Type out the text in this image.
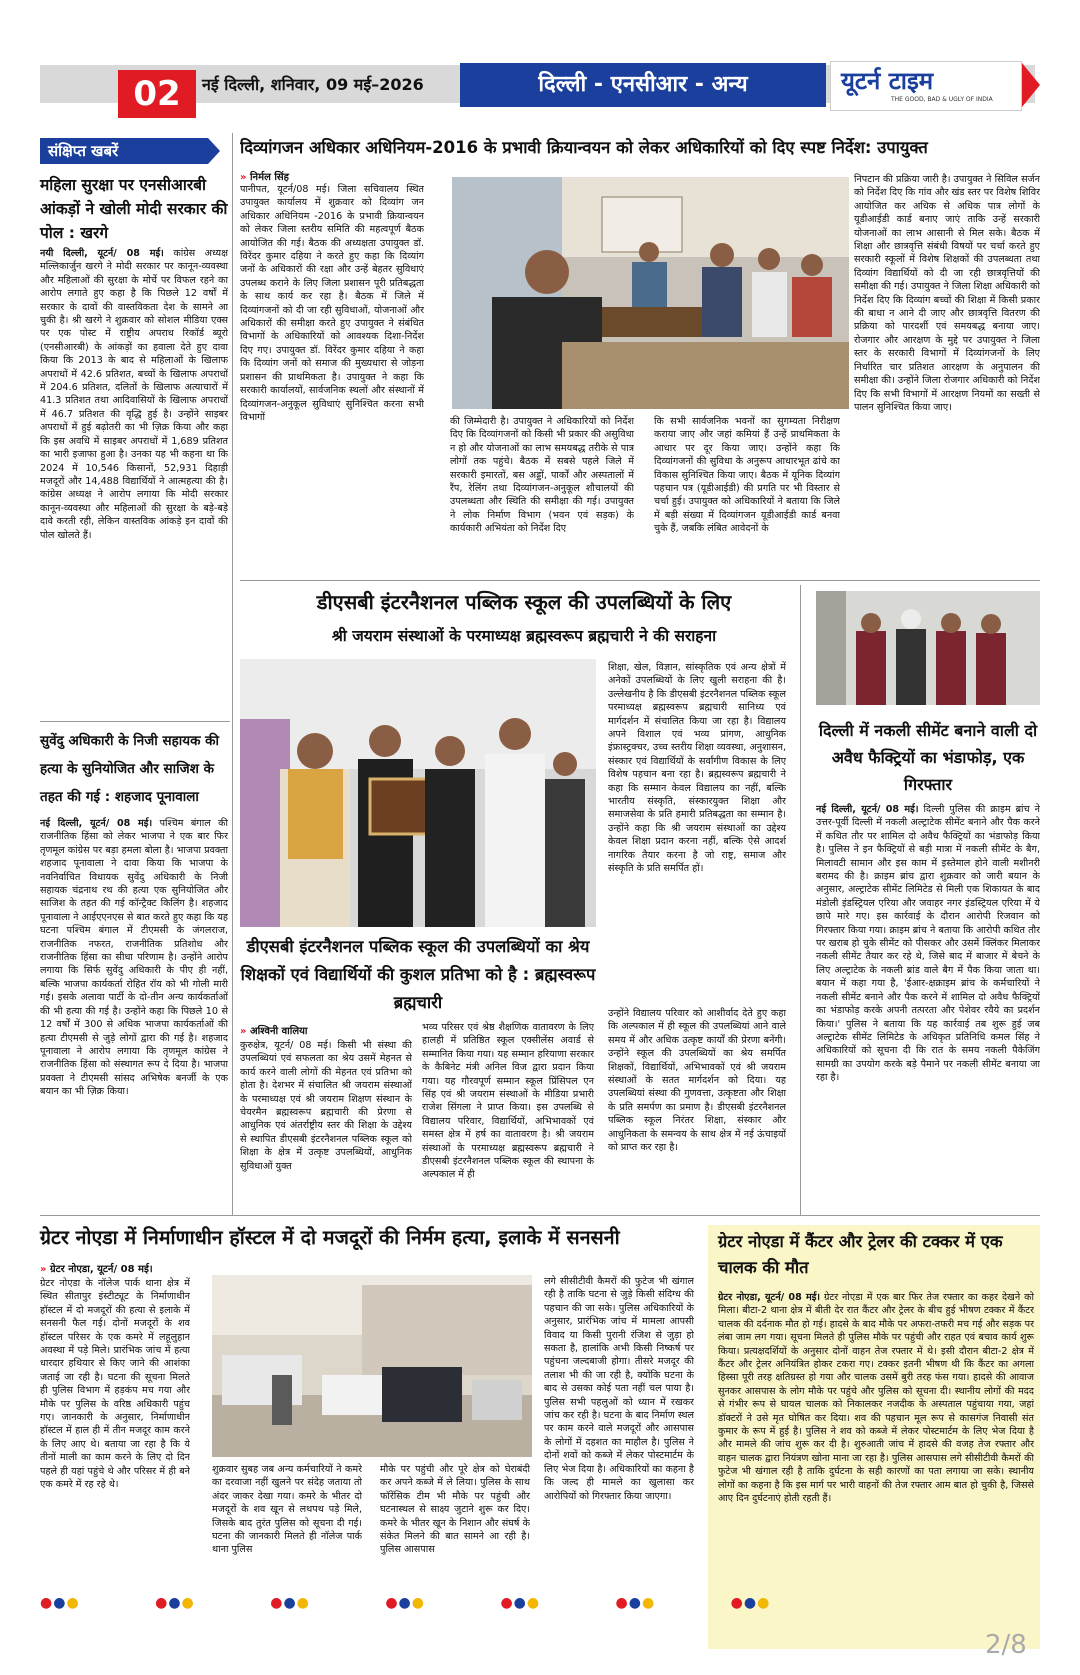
02	नई दिल्ली, शनिवार, 09 मई–2026	दिल्ली - एनसीआर - अन्य	यूटर्न टाइम
THE GOOD, BAD & UGLY OF INDIA
संक्षिप्त खबरें
महिला सुरक्षा पर एनसीआरबी आंकड़ों ने खोली मोदी सरकार की पोल : खरगे
नयी दिल्ली, यूटर्न/ 08 मई। कांग्रेस अध्यक्ष मल्लिकार्जुन खरगे ने मोदी सरकार पर कानून-व्यवस्था और महिलाओं की सुरक्षा के मोर्चे पर विफल रहने का आरोप लगाते हुए कहा है कि पिछले 12 वर्षों में सरकार के दावों की वास्तविकता देश के सामने आ चुकी है। श्री खरगे ने शुक्रवार को सोशल मीडिया एक्स पर एक पोस्ट में राष्ट्रीय अपराध रिकॉर्ड ब्यूरो (एनसीआरबी) के आंकड़ों का हवाला देते हुए दावा किया कि 2013 के बाद से महिलाओं के खिलाफ अपराधों में 42.6 प्रतिशत, बच्चों के खिलाफ अपराधों में 204.6 प्रतिशत, दलितों के खिलाफ अत्याचारों में 41.3 प्रतिशत तथा आदिवासियों के खिलाफ अपराधों में 46.7 प्रतिशत की वृद्धि हुई है। उन्होंने साइबर अपराधों में हुई बढ़ोतरी का भी ज़िक्र किया और कहा कि इस अवधि में साइबर अपराधों में 1,689 प्रतिशत का भारी इजाफा हुआ है। उनका यह भी कहना था कि 2024 में 10,546 किसानों, 52,931 दिहाड़ी मजदूरों और 14,488 विद्यार्थियों ने आत्महत्या की है। कांग्रेस अध्यक्ष ने आरोप लगाया कि मोदी सरकार कानून-व्यवस्था और महिलाओं की सुरक्षा के बड़े-बड़े दावे करती रही, लेकिन वास्तविक आंकड़े इन दावों की पोल खोलते हैं।
सुवेंदु अधिकारी के निजी सहायक की हत्या के सुनियोजित और साजिश के तहत की गई : शहजाद पूनावाला
नई दिल्ली, यूटर्न/ 08 मई। पश्चिम बंगाल की राजनीतिक हिंसा को लेकर भाजपा ने एक बार फिर तृणमूल कांग्रेस पर बड़ा हमला बोला है। भाजपा प्रवक्ता शहजाद पूनावाला ने दावा किया कि भाजपा के नवनिर्वाचित विधायक सुवेंदु अधिकारी के निजी सहायक चंद्रनाथ रथ की हत्या एक सुनियोजित और साजिश के तहत की गई कॉन्ट्रैक्ट किलिंग है। शहजाद पूनावाला ने आईएएनएस से बात करते हुए कहा कि यह घटना पश्चिम बंगाल में टीएमसी के जंगलराज, राजनीतिक नफरत, राजनीतिक प्रतिशोध और राजनीतिक हिंसा का सीधा परिणाम है। उन्होंने आरोप लगाया कि सिर्फ सुवेंदु अधिकारी के पीए ही नहीं, बल्कि भाजपा कार्यकर्ता रोहित रॉय को भी गोली मारी गई। इसके अलावा पार्टी के दो-तीन अन्य कार्यकर्ताओं की भी हत्या की गई है। उन्होंने कहा कि पिछले 10 से 12 वर्षों में 300 से अधिक भाजपा कार्यकर्ताओं की हत्या टीएमसी से जुड़े लोगों द्वारा की गई है। शहजाद पूनावाला ने आरोप लगाया कि तृणमूल कांग्रेस ने राजनीतिक हिंसा को संस्थागत रूप दे दिया है। भाजपा प्रवक्ता ने टीएमसी सांसद अभिषेक बनर्जी के एक बयान का भी ज़िक्र किया।
दिव्यांगजन अधिकार अधिनियम-2016 के प्रभावी क्रियान्वयन को लेकर अधिकारियों को दिए स्पष्ट निर्देश: उपायुक्त
» निर्मल सिंह
पानीपत, यूटर्न/08 मई। जिला सचिवालय स्थित उपायुक्त कार्यालय में शुक्रवार को दिव्यांग जन अधिकार अधिनियम -2016 के प्रभावी क्रियान्वयन को लेकर जिला स्तरीय समिति की महत्वपूर्ण बैठक आयोजित की गई। बैठक की अध्यक्षता उपायुक्त डॉ. विरेंदर कुमार दहिया ने करते हुए कहा कि दिव्यांग जनों के अधिकारों की रक्षा और उन्हें बेहतर सुविधाएं उपलब्ध कराने के लिए जिला प्रशासन पूरी प्रतिबद्धता के साथ कार्य कर रहा है। बैठक में जिले में दिव्यांगजनों को दी जा रही सुविधाओं, योजनाओं और अधिकारों की समीक्षा करते हुए उपायुक्त ने संबंधित विभागों के अधिकारियों को आवश्यक दिशा-निर्देश दिए गए। उपायुक्त डॉ. विरेंदर कुमार दहिया ने कहा कि दिव्यांग जनों को समाज की मुख्यधारा से जोड़ना प्रशासन की प्राथमिकता है। उपायुक्त ने कहा कि सरकारी कार्यालयों, सार्वजनिक स्थलों और संस्थानों में दिव्यांगजन-अनुकूल सुविधाएं सुनिश्चित करना सभी विभागों	की जिम्मेदारी है। उपायुक्त ने अधिकारियों को निर्देश दिए कि दिव्यांगजनों को किसी भी प्रकार की असुविधा न हो और योजनाओं का लाभ समयबद्ध तरीके से पात्र लोगों तक पहुंचे। बैठक में सबसे पहले जिले में सरकारी इमारतों, बस अड्डों, पार्कों और अस्पतालों में रैंप, रेलिंग तथा दिव्यांगजन-अनुकूल शौचालयों की उपलब्धता और स्थिति की समीक्षा की गई। उपायुक्त ने लोक निर्माण विभाग (भवन एवं सड़क) के कार्यकारी अभियंता को निर्देश दिए
कि सभी सार्वजनिक भवनों का सुगम्यता निरीक्षण कराया जाए और जहां कमियां हैं उन्हें प्राथमिकता के आधार पर दूर किया जाए। उन्होंने कहा कि दिव्यांगजनों की सुविधा के अनुरूप आधारभूत ढांचे का विकास सुनिश्चित किया जाए। बैठक में यूनिक दिव्यांग पहचान पत्र (यूडीआईडी) की प्रगति पर भी विस्तार से चर्चा हुई। उपायुक्त को अधिकारियों ने बताया कि जिले में बड़ी संख्या में दिव्यांगजन यूडीआईडी कार्ड बनवा चुके हैं, जबकि लंबित आवेदनों के
निपटान की प्रक्रिया जारी है। उपायुक्त ने सिविल सर्जन को निर्देश दिए कि गांव और खंड स्तर पर विशेष शिविर आयोजित कर अधिक से अधिक पात्र लोगों के यूडीआईडी कार्ड बनाए जाएं ताकि उन्हें सरकारी योजनाओं का लाभ आसानी से मिल सके। बैठक में शिक्षा और छात्रवृत्ति संबंधी विषयों पर चर्चा करते हुए सरकारी स्कूलों में विशेष शिक्षकों की उपलब्धता तथा दिव्यांग विद्यार्थियों को दी जा रही छात्रवृत्तियों की समीक्षा की गई। उपायुक्त ने जिला शिक्षा अधिकारी को निर्देश दिए कि दिव्यांग बच्चों की शिक्षा में किसी प्रकार की बाधा न आने दी जाए और छात्रवृत्ति वितरण की प्रक्रिया को पारदर्शी एवं समयबद्ध बनाया जाए। रोजगार और आरक्षण के मुद्दे पर उपायुक्त ने जिला स्तर के सरकारी विभागों में दिव्यांगजनों के लिए निर्धारित चार प्रतिशत आरक्षण के अनुपालन की समीक्षा की। उन्होंने जिला रोजगार अधिकारी को निर्देश दिए कि सभी विभागों में आरक्षण नियमों का सख्ती से पालन सुनिश्चित किया जाए।
डीएसबी इंटरनैशनल पब्लिक स्कूल की उपलब्धियों के लिए
श्री जयराम संस्थाओं के परमाध्यक्ष ब्रह्मस्वरूप ब्रह्मचारी ने की सराहना
डीएसबी इंटरनैशनल पब्लिक स्कूल की उपलब्धियों का श्रेय शिक्षकों एवं विद्यार्थियों की कुशल प्रतिभा को है : ब्रह्मस्वरूप ब्रह्मचारी
» अश्विनी वालिया
कुरुक्षेत्र, यूटर्न/ 08 मई। किसी भी संस्था की उपलब्धियां एवं सफलता का श्रेय उसमें मेहनत से कार्य करने वाली लोगों की मेहनत एवं प्रतिभा को होता है। देशभर में संचालित श्री जयराम संस्थाओं के परमाध्यक्ष एवं श्री जयराम शिक्षण संस्थान के चेयरमैन ब्रह्मस्वरूप ब्रह्मचारी की प्रेरणा से आधुनिक एवं अंतर्राष्ट्रीय स्तर की शिक्षा के उद्देश्य से स्थापित डीएसबी इंटरनैशनल पब्लिक स्कूल को शिक्षा के क्षेत्र में उत्कृष्ट उपलब्धियों, आधुनिक सुविधाओं युक्त
भव्य परिसर एवं श्रेष्ठ शैक्षणिक वातावरण के लिए हालही में प्रतिष्ठित स्कूल एक्सीलेंस अवार्ड से सम्मानित किया गया। यह सम्मान हरियाणा सरकार के कैबिनेट मंत्री अनिल विज द्वारा प्रदान किया गया। यह गौरवपूर्ण सम्मान स्कूल प्रिंसिपल एन सिंह एवं श्री जयराम संस्थाओं के मीडिया प्रभारी राजेश सिंगला ने प्राप्त किया। इस उपलब्धि से विद्यालय परिवार, विद्यार्थियों, अभिभावकों एवं समस्त क्षेत्र में हर्ष का वातावरण है। श्री जयराम संस्थाओं के परमाध्यक्ष ब्रह्मस्वरूप ब्रह्मचारी ने डीएसबी इंटरनैशनल पब्लिक स्कूल की स्थापना के अल्पकाल में ही
शिक्षा, खेल, विज्ञान, सांस्कृतिक एवं अन्य क्षेत्रों में अनेकों उपलब्धियों के लिए खुली सराहना की है। उल्लेखनीय है कि डीएसबी इंटरनैशनल पब्लिक स्कूल परमाध्यक्ष ब्रह्मस्वरूप ब्रह्मचारी सानिध्य एवं मार्गदर्शन में संचालित किया जा रहा है। विद्यालय अपने विशाल एवं भव्य प्रांगण, आधुनिक इंफ्रास्ट्रक्चर, उच्च स्तरीय शिक्षा व्यवस्था, अनुशासन, संस्कार एवं विद्यार्थियों के सर्वांगीण विकास के लिए विशेष पहचान बना रहा है। ब्रह्मस्वरूप ब्रह्मचारी ने कहा कि सम्मान केवल विद्यालय का नहीं, बल्कि भारतीय संस्कृति, संस्कारयुक्त शिक्षा और समाजसेवा के प्रति हमारी प्रतिबद्धता का सम्मान है। उन्होंने कहा कि श्री जयराम संस्थाओं का उद्देश्य केवल शिक्षा प्रदान करना नहीं, बल्कि ऐसे आदर्श नागरिक तैयार करना है जो राष्ट्र, समाज और संस्कृति के प्रति समर्पित हों।
उन्होंने विद्यालय परिवार को आशीर्वाद देते हुए कहा कि अल्पकाल में ही स्कूल की उपलब्धियां आने वाले समय में और अधिक उत्कृष्ट कार्यों की प्रेरणा बनेंगी। उन्होंने स्कूल की उपलब्धियों का श्रेय समर्पित शिक्षकों, विद्यार्थियों, अभिभावकों एवं श्री जयराम संस्थाओं के सतत मार्गदर्शन को दिया। यह उपलब्धियां संस्था की गुणवत्ता, उत्कृष्टता और शिक्षा के प्रति समर्पण का प्रमाण है। डीएसबी इंटरनैशनल पब्लिक स्कूल निरंतर शिक्षा, संस्कार और आधुनिकता के समन्वय के साथ क्षेत्र में नई ऊंचाइयों को प्राप्त कर रहा है।
दिल्ली में नकली सीमेंट बनाने वाली दो अवैध फैक्ट्रियों का भंडाफोड़, एक गिरफ्तार
नई दिल्ली, यूटर्न/ 08 मई। दिल्ली पुलिस की क्राइम ब्रांच ने उत्तर-पूर्वी दिल्ली में नकली अल्ट्राटेक सीमेंट बनाने और पैक करने में कथित तौर पर शामिल दो अवैध फैक्ट्रियों का भंडाफोड़ किया है। पुलिस ने इन फैक्ट्रियों से बड़ी मात्रा में नकली सीमेंट के बैग, मिलावटी सामान और इस काम में इस्तेमाल होने वाली मशीनरी बरामद की है। क्राइम ब्रांच द्वारा शुक्रवार को जारी बयान के अनुसार, अल्ट्राटेक सीमेंट लिमिटेड से मिली एक शिकायत के बाद मंडोली इंडस्ट्रियल एरिया और जवाहर नगर इंडस्ट्रियल एरिया में ये छापे मारे गए। इस कार्रवाई के दौरान आरोपी रिजवान को गिरफ्तार किया गया। क्राइम ब्रांच ने बताया कि आरोपी कथित तौर पर खराब हो चुके सीमेंट को पीसकर और उसमें क्लिंकर मिलाकर नकली सीमेंट तैयार कर रहे थे, जिसे बाद में बाजार में बेचने के लिए अल्ट्राटेक के नकली ब्रांड वाले बैग में पैक किया जाता था। बयान में कहा गया है, 'ईआर-क्षक्राइम ब्रांच के कर्मचारियों ने नकली सीमेंट बनाने और पैक करने में शामिल दो अवैध फैक्ट्रियों का भंडाफोड़ करके अपनी तत्परता और पेशेवर रवैये का प्रदर्शन किया।' पुलिस ने बताया कि यह कार्रवाई तब शुरू हुई जब अल्ट्राटेक सीमेंट लिमिटेड के अधिकृत प्रतिनिधि कमल सिंह ने अधिकारियों को सूचना दी कि रात के समय नकली पैकेजिंग सामग्री का उपयोग करके बड़े पैमाने पर नकली सीमेंट बनाया जा रहा है।
ग्रेटर नोएडा में निर्माणाधीन हॉस्टल में दो मजदूरों की निर्मम हत्या, इलाके में सनसनी
» ग्रेटर नोएडा, यूटर्न/ 08 मई।
ग्रेटर नोएडा के नॉलेज पार्क थाना क्षेत्र में स्थित सीतापुर इंस्टीट्यूट के निर्माणाधीन हॉस्टल में दो मजदूरों की हत्या से इलाके में सनसनी फैल गई। दोनों मजदूरों के शव हॉस्टल परिसर के एक कमरे में लहूलुहान अवस्था में पड़े मिले। प्रारंभिक जांच में हत्या धारदार हथियार से किए जाने की आशंका जताई जा रही है। घटना की सूचना मिलते ही पुलिस विभाग में हड़कंप मच गया और मौके पर पुलिस के वरिष्ठ अधिकारी पहुंच गए। जानकारी के अनुसार, निर्माणाधीन हॉस्टल में हाल ही में तीन मजदूर काम करने के लिए आए थे। बताया जा रहा है कि ये तीनों माली का काम करने के लिए दो दिन पहले ही यहां पहुंचे थे और परिसर में ही बने एक कमरे में रह रहे थे।
शुक्रवार सुबह जब अन्य कर्मचारियों ने कमरे का दरवाजा नहीं खुलने पर संदेह जताया तो अंदर जाकर देखा गया। कमरे के भीतर दो मजदूरों के शव खून से लथपथ पड़े मिले, जिसके बाद तुरंत पुलिस को सूचना दी गई। घटना की जानकारी मिलते ही नॉलेज पार्क थाना पुलिस
मौके पर पहुंची और पूरे क्षेत्र को घेराबंदी कर अपने कब्जे में ले लिया। पुलिस के साथ फॉरेंसिक टीम भी मौके पर पहुंची और घटनास्थल से साक्ष्य जुटाने शुरू कर दिए। कमरे के भीतर खून के निशान और संघर्ष के संकेत मिलने की बात सामने आ रही है। पुलिस आसपास
लगे सीसीटीवी कैमरों की फुटेज भी खंगाल रही है ताकि घटना से जुड़े किसी संदिग्ध की पहचान की जा सके। पुलिस अधिकारियों के अनुसार, प्रारंभिक जांच में मामला आपसी विवाद या किसी पुरानी रंजिश से जुड़ा हो सकता है, हालांकि अभी किसी निष्कर्ष पर पहुंचना जल्दबाजी होगा। तीसरे मजदूर की तलाश भी की जा रही है, क्योंकि घटना के बाद से उसका कोई पता नहीं चल पाया है। पुलिस सभी पहलुओं को ध्यान में रखकर जांच कर रही है। घटना के बाद निर्माण स्थल पर काम करने वाले मजदूरों और आसपास के लोगों में दहशत का माहौल है। पुलिस ने दोनों शवों को कब्जे में लेकर पोस्टमार्टम के लिए भेज दिया है। अधिकारियों का कहना है कि जल्द ही मामले का खुलासा कर आरोपियों को गिरफ्तार किया जाएगा।
ग्रेटर नोएडा में कैंटर और ट्रेलर की टक्कर में एक चालक की मौत
ग्रेटर नोएडा, यूटर्न/ 08 मई। ग्रेटर नोएडा में एक बार फिर तेज रफ्तार का कहर देखने को मिला। बीटा-2 थाना क्षेत्र में बीती देर रात कैंटर और ट्रेलर के बीच हुई भीषण टक्कर में कैंटर चालक की दर्दनाक मौत हो गई। हादसे के बाद मौके पर अफरा-तफरी मच गई और सड़क पर लंबा जाम लग गया। सूचना मिलते ही पुलिस मौके पर पहुंची और राहत एवं बचाव कार्य शुरू किया। प्रत्यक्षदर्शियों के अनुसार दोनों वाहन तेज रफ्तार में थे। इसी दौरान बीटा-2 क्षेत्र में कैंटर और ट्रेलर अनियंत्रित होकर टकरा गए। टक्कर इतनी भीषण थी कि कैंटर का अगला हिस्सा पूरी तरह क्षतिग्रस्त हो गया और चालक उसमें बुरी तरह फंस गया। हादसे की आवाज सुनकर आसपास के लोग मौके पर पहुंचे और पुलिस को सूचना दी। स्थानीय लोगों की मदद से गंभीर रूप से घायल चालक को निकालकर नजदीक के अस्पताल पहुंचाया गया, जहां डॉक्टरों ने उसे मृत घोषित कर दिया। शव की पहचान मूल रूप से कासगंज निवासी संत कुमार के रूप में हुई है। पुलिस ने शव को कब्जे में लेकर पोस्टमार्टम के लिए भेज दिया है और मामले की जांच शुरू कर दी है। शुरुआती जांच में हादसे की वजह तेज रफ्तार और वाहन चालक द्वारा नियंत्रण खोना माना जा रहा है। पुलिस आसपास लगे सीसीटीवी कैमरों की फुटेज भी खंगाल रही है ताकि दुर्घटना के सही कारणों का पता लगाया जा सके। स्थानीय लोगों का कहना है कि इस मार्ग पर भारी वाहनों की तेज रफ्तार आम बात हो चुकी है, जिससे आए दिन दुर्घटनाएं होती रहती हैं।
●●●	●●●	●●●	●●●	●●●	●●●	●●●
2/8
